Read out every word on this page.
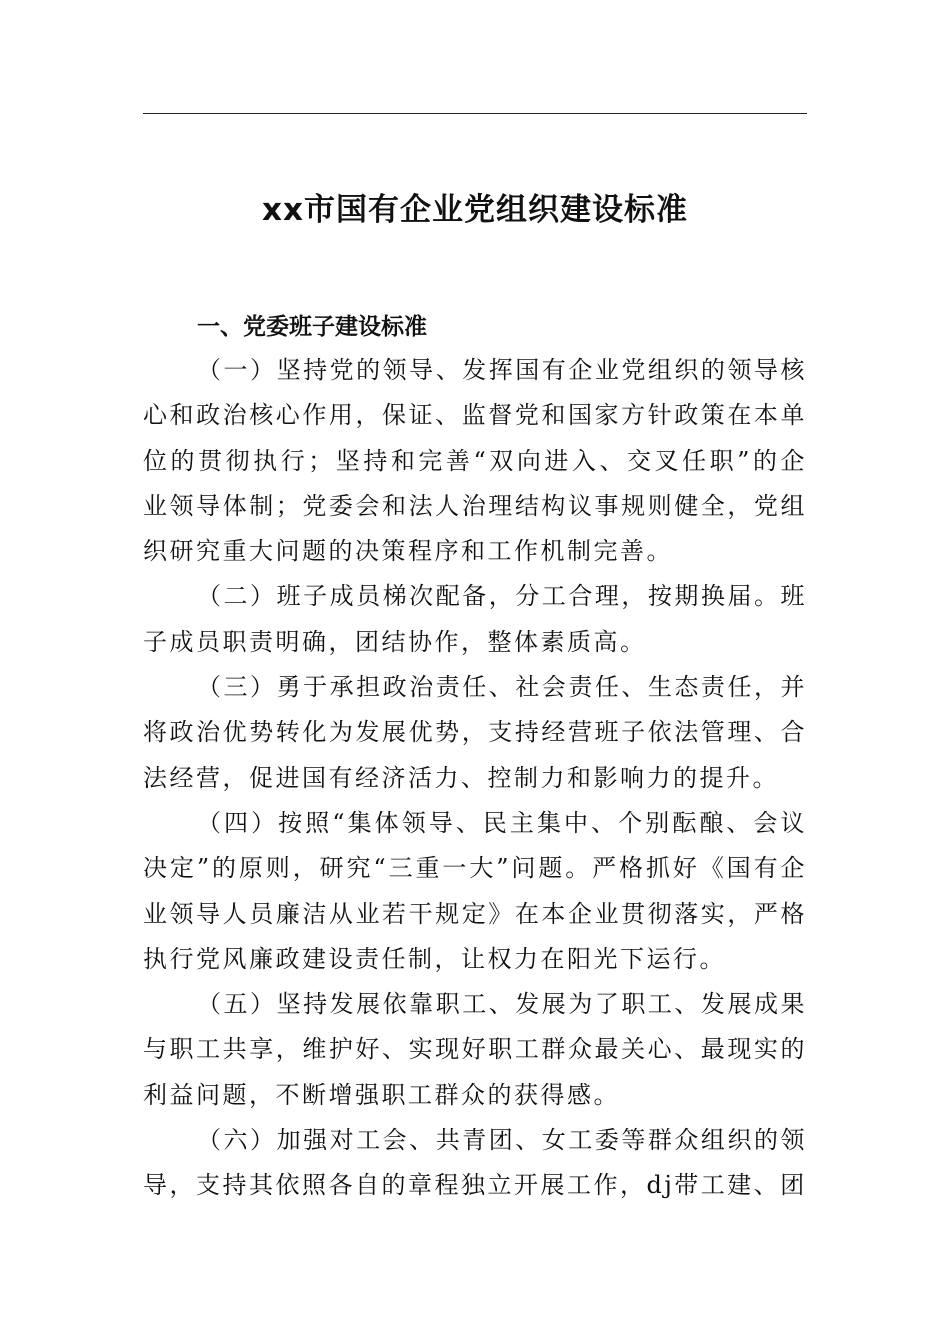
xx市国有企业党组织建设标准
一、党委班子建设标准

（一）坚持党的领导、发挥国有企业党组织的领导核心和政治核心作用，保证、监督党和国家方针政策在本单位的贯彻执行；坚持和完善“双向进入、交叉任职”的企业领导体制；党委会和法人治理结构议事规则健全，党组织研究重大问题的决策程序和工作机制完善。

（二）班子成员梯次配备，分工合理，按期换届。班子成员职责明确，团结协作，整体素质高。

（三）勇于承担政治责任、社会责任、生态责任，并将政治优势转化为发展优势，支持经营班子依法管理、合法经营，促进国有经济活力、控制力和影响力的提升。

（四）按照“集体领导、民主集中、个别酝酿、会议决定”的原则，研究“三重一大”问题。严格抓好《国有企业领导人员廉洁从业若干规定》在本企业贯彻落实，严格执行党风廉政建设责任制，让权力在阳光下运行。

（五）坚持发展依靠职工、发展为了职工、发展成果与职工共享，维护好、实现好职工群众最关心、最现实的利益问题，不断增强职工群众的获得感。

（六）加强对工会、共青团、女工委等群众组织的领导，支持其依照各自的章程独立开展工作，dj带工建、团
